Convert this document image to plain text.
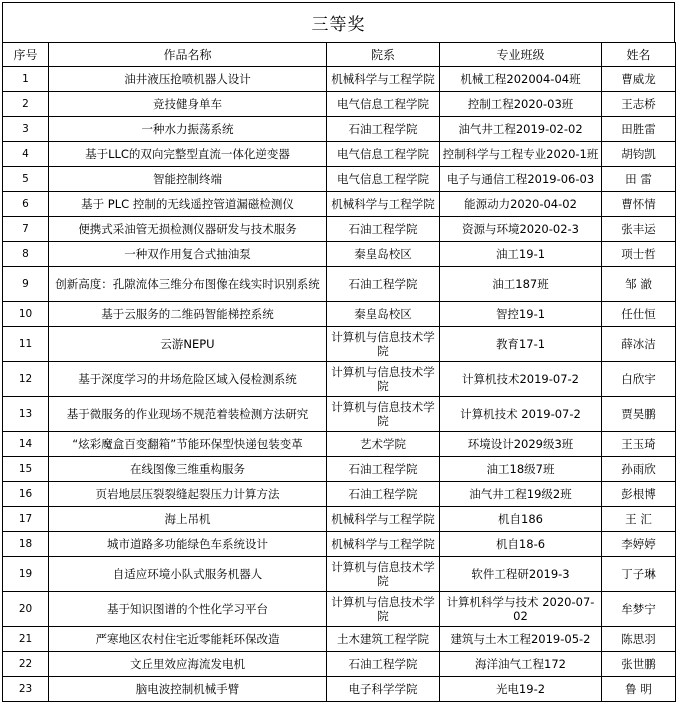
三等奖
序号	作品名称	院系	专业班级	姓名
1	油井液压抢喷机器人设计	机械科学与工程学院	机械工程202004-04班	曹威龙
2	竞技健身单车	电气信息工程学院	控制工程2020-03班	王志桥
3	一种水力振荡系统	石油工程学院	油气井工程2019-02-02	田胜雷
4	基于LLC的双向完整型直流一体化逆变器	电气信息工程学院	控制科学与工程专业2020-1班	胡钧凯
5	智能控制终端	电气信息工程学院	电子与通信工程2019-06-03	田 雷
6	基于 PLC 控制的无线遥控管道漏磁检测仪	机械科学与工程学院	能源动力2020-04-02	曹怀情
7	便携式采油管无损检测仪器研发与技术服务	石油工程学院	资源与环境2020-02-3	张丰运
8	一种双作用复合式抽油泵	秦皇岛校区	油工19-1	项士哲
9	创新高度：孔隙流体三维分布图像在线实时识别系统	石油工程学院	油工187班	邹 澈
10	基于云服务的二维码智能梯控系统	秦皇岛校区	智控19-1	任仕恒
11	云游NEPU	计算机与信息技术学院	教育17-1	薛冰洁
12	基于深度学习的井场危险区域入侵检测系统	计算机与信息技术学院	计算机技术2019-07-2	白欣宇
13	基于微服务的作业现场不规范着装检测方法研究	计算机与信息技术学院	计算机技术 2019-07-2	贾昊鹏
14	“炫彩魔盒百变翻箱”节能环保型快递包装变革	艺术学院	环境设计2029级3班	王玉琦
15	在线图像三维重构服务	石油工程学院	油工18级7班	孙雨欣
16	页岩地层压裂裂缝起裂压力计算方法	石油工程学院	油气井工程19级2班	彭根博
17	海上吊机	机械科学与工程学院	机自186	王 汇
18	城市道路多功能绿色车系统设计	机械科学与工程学院	机自18-6	李婷婷
19	自适应环境小队式服务机器人	计算机与信息技术学院	软件工程研2019-3	丁子琳
20	基于知识图谱的个性化学习平台	计算机与信息技术学院	计算机科学与技术 2020-07-02	牟梦宁
21	严寒地区农村住宅近零能耗环保改造	土木建筑工程学院	建筑与土木工程2019-05-2	陈思羽
22	文丘里效应海流发电机	石油工程学院	海洋油气工程172	张世鹏
23	脑电波控制机械手臂	电子科学学院	光电19-2	鲁 明
